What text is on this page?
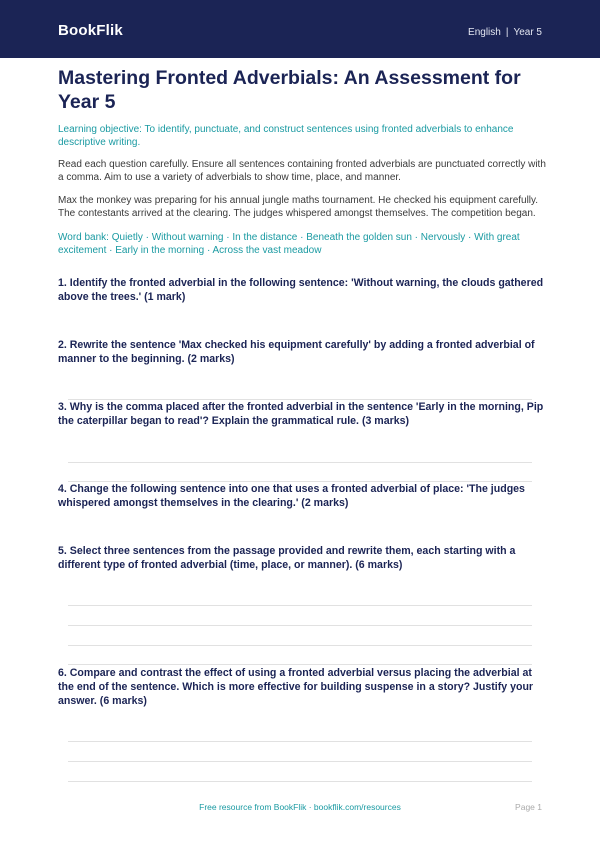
BookFlik	English | Year 5
Mastering Fronted Adverbials: An Assessment for Year 5
Learning objective: To identify, punctuate, and construct sentences using fronted adverbials to enhance descriptive writing.
Read each question carefully. Ensure all sentences containing fronted adverbials are punctuated correctly with a comma. Aim to use a variety of adverbials to show time, place, and manner.
Max the monkey was preparing for his annual jungle maths tournament. He checked his equipment carefully. The contestants arrived at the clearing. The judges whispered amongst themselves. The competition began.
Word bank: Quietly · Without warning · In the distance · Beneath the golden sun · Nervously · With great excitement · Early in the morning · Across the vast meadow
1. Identify the fronted adverbial in the following sentence: 'Without warning, the clouds gathered above the trees.' (1 mark)
2. Rewrite the sentence 'Max checked his equipment carefully' by adding a fronted adverbial of manner to the beginning. (2 marks)
3. Why is the comma placed after the fronted adverbial in the sentence 'Early in the morning, Pip the caterpillar began to read'? Explain the grammatical rule. (3 marks)
4. Change the following sentence into one that uses a fronted adverbial of place: 'The judges whispered amongst themselves in the clearing.' (2 marks)
5. Select three sentences from the passage provided and rewrite them, each starting with a different type of fronted adverbial (time, place, or manner). (6 marks)
6. Compare and contrast the effect of using a fronted adverbial versus placing the adverbial at the end of the sentence. Which is more effective for building suspense in a story? Justify your answer. (6 marks)
Free resource from BookFlik · bookflik.com/resources	Page 1
